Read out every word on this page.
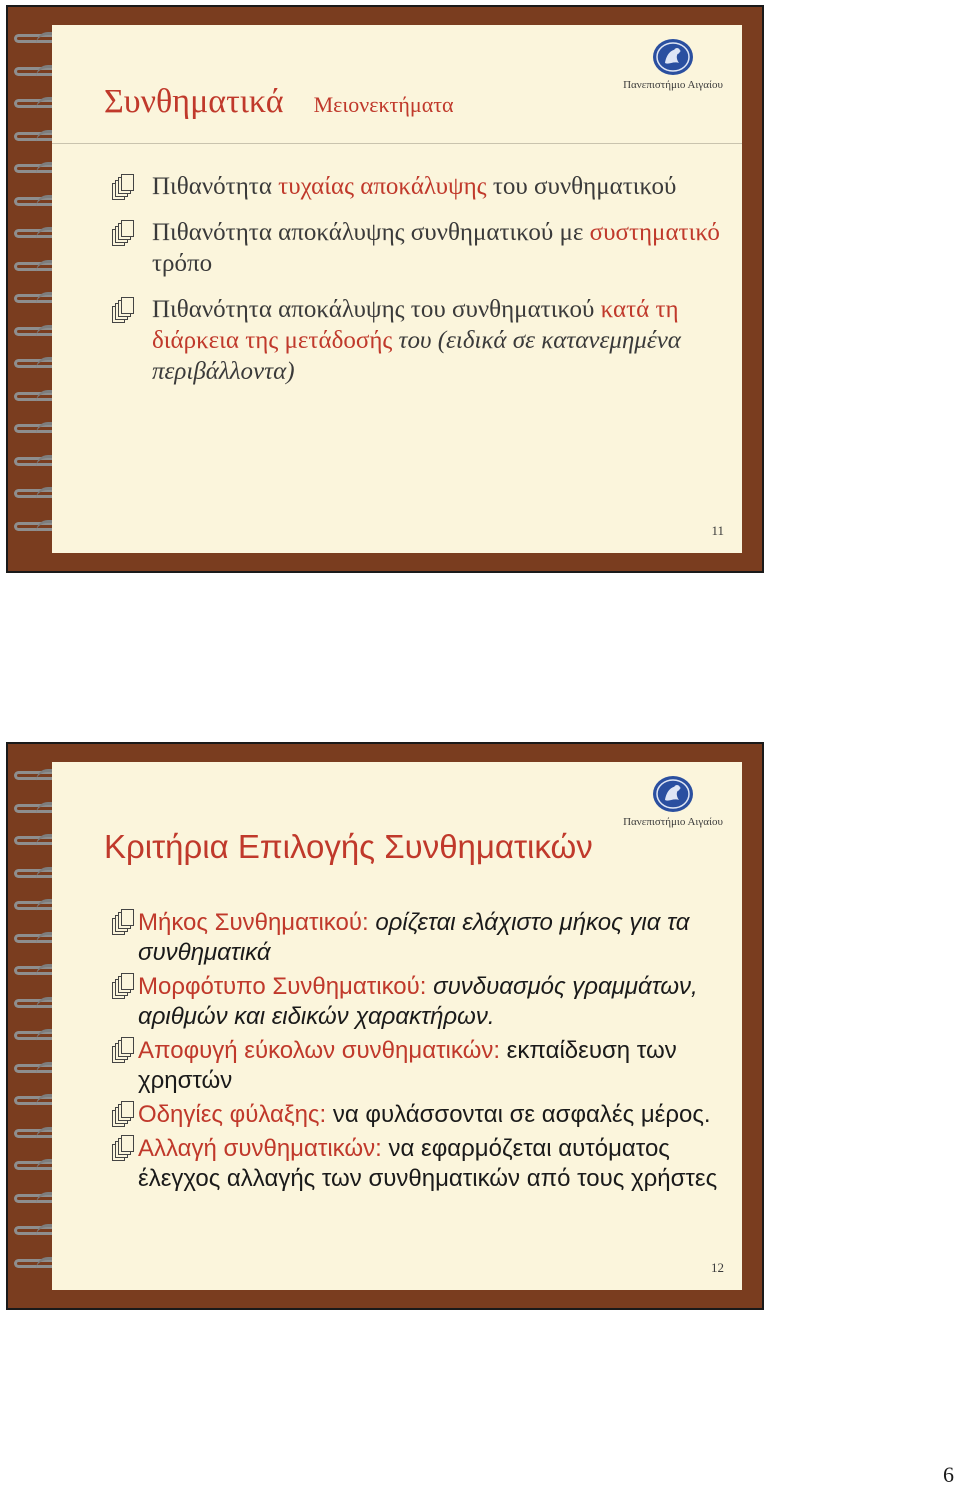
Συνθηματικά Μειονεκτήματα
Πανεπιστήμιο Αιγαίου
Πιθανότητα τυχαίας αποκάλυψης του συνθηματικού
Πιθανότητα αποκάλυψης συνθηματικού με συστηματικό τρόπο
Πιθανότητα αποκάλυψης του συνθηματικού κατά τη διάρκεια της μετάδοσής του (ειδικά σε κατανεμημένα περιβάλλοντα)
11
Κριτήρια Επιλογής Συνθηματικών
Πανεπιστήμιο Αιγαίου
Μήκος Συνθηματικού: ορίζεται ελάχιστο μήκος για τα συνθηματικά
Μορφότυπο Συνθηματικού: συνδυασμός γραμμάτων, αριθμών και ειδικών χαρακτήρων.
Αποφυγή εύκολων συνθηματικών: εκπαίδευση των χρηστών
Οδηγίες φύλαξης: να φυλάσσονται σε ασφαλές μέρος.
Αλλαγή συνθηματικών: να εφαρμόζεται αυτόματος έλεγχος αλλαγής των συνθηματικών από τους χρήστες
12
6
